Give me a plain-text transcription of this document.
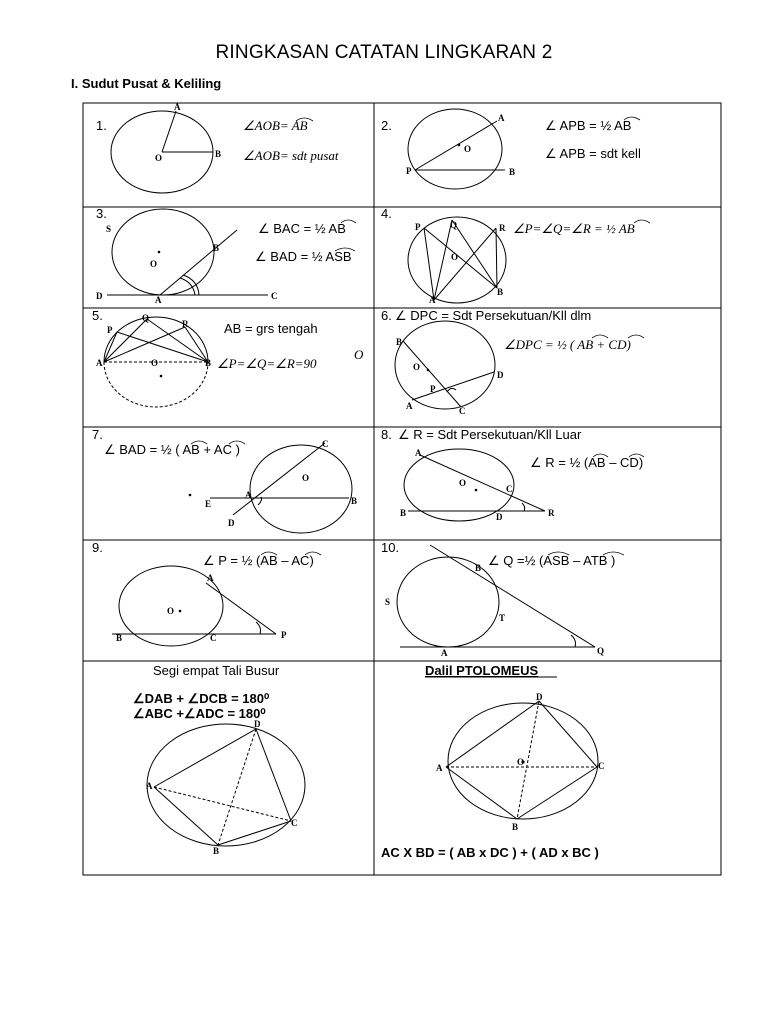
RINGKASAN CATATAN LINGKARAN 2
I. Sudut Pusat & Keliling
1.
A
O	B
∠AOB= AB
∠AOB= sdt pusat
2.	A
O
P	B
∠ APB = ½ AB
∠ APB = sdt kell
3.
S
O
B
D	A	C
∠ BAC = ½ AB
∠ BAD = ½ ASB
4.
P	Q	R
O
B
A
∠P=∠Q=∠R = ½ AB
5.
P
Q
R
A	O	B
AB = grs tengah
∠P=∠Q=∠R=90
O
6. ∠ DPC = Sdt Persekutuan/Kll dlm
B
O
D
P
A	C
∠DPC = ½ ( AB + CD)
7.
∠ BAD = ½ ( AB + AC )	C
O
E
A
B
D
8. ∠ R = Sdt Persekutuan/Kll Luar
A
O
C
B	D	R
∠ R = ½ (AB – CD)
9.
∠ P = ½ (AB – AC)
A
O
B	C	P
10.
∠ Q =½ (ASB – ATB )
B
S
T
A	Q
Segi empat Tali Busur
∠DAB + ∠DCB = 180⁰
∠ABC +∠ADC = 180⁰
D
A
C
B
Dalil PTOLOMEUS
D
A
O	C
B
AC X BD = ( AB x DC ) + ( AD x BC )
